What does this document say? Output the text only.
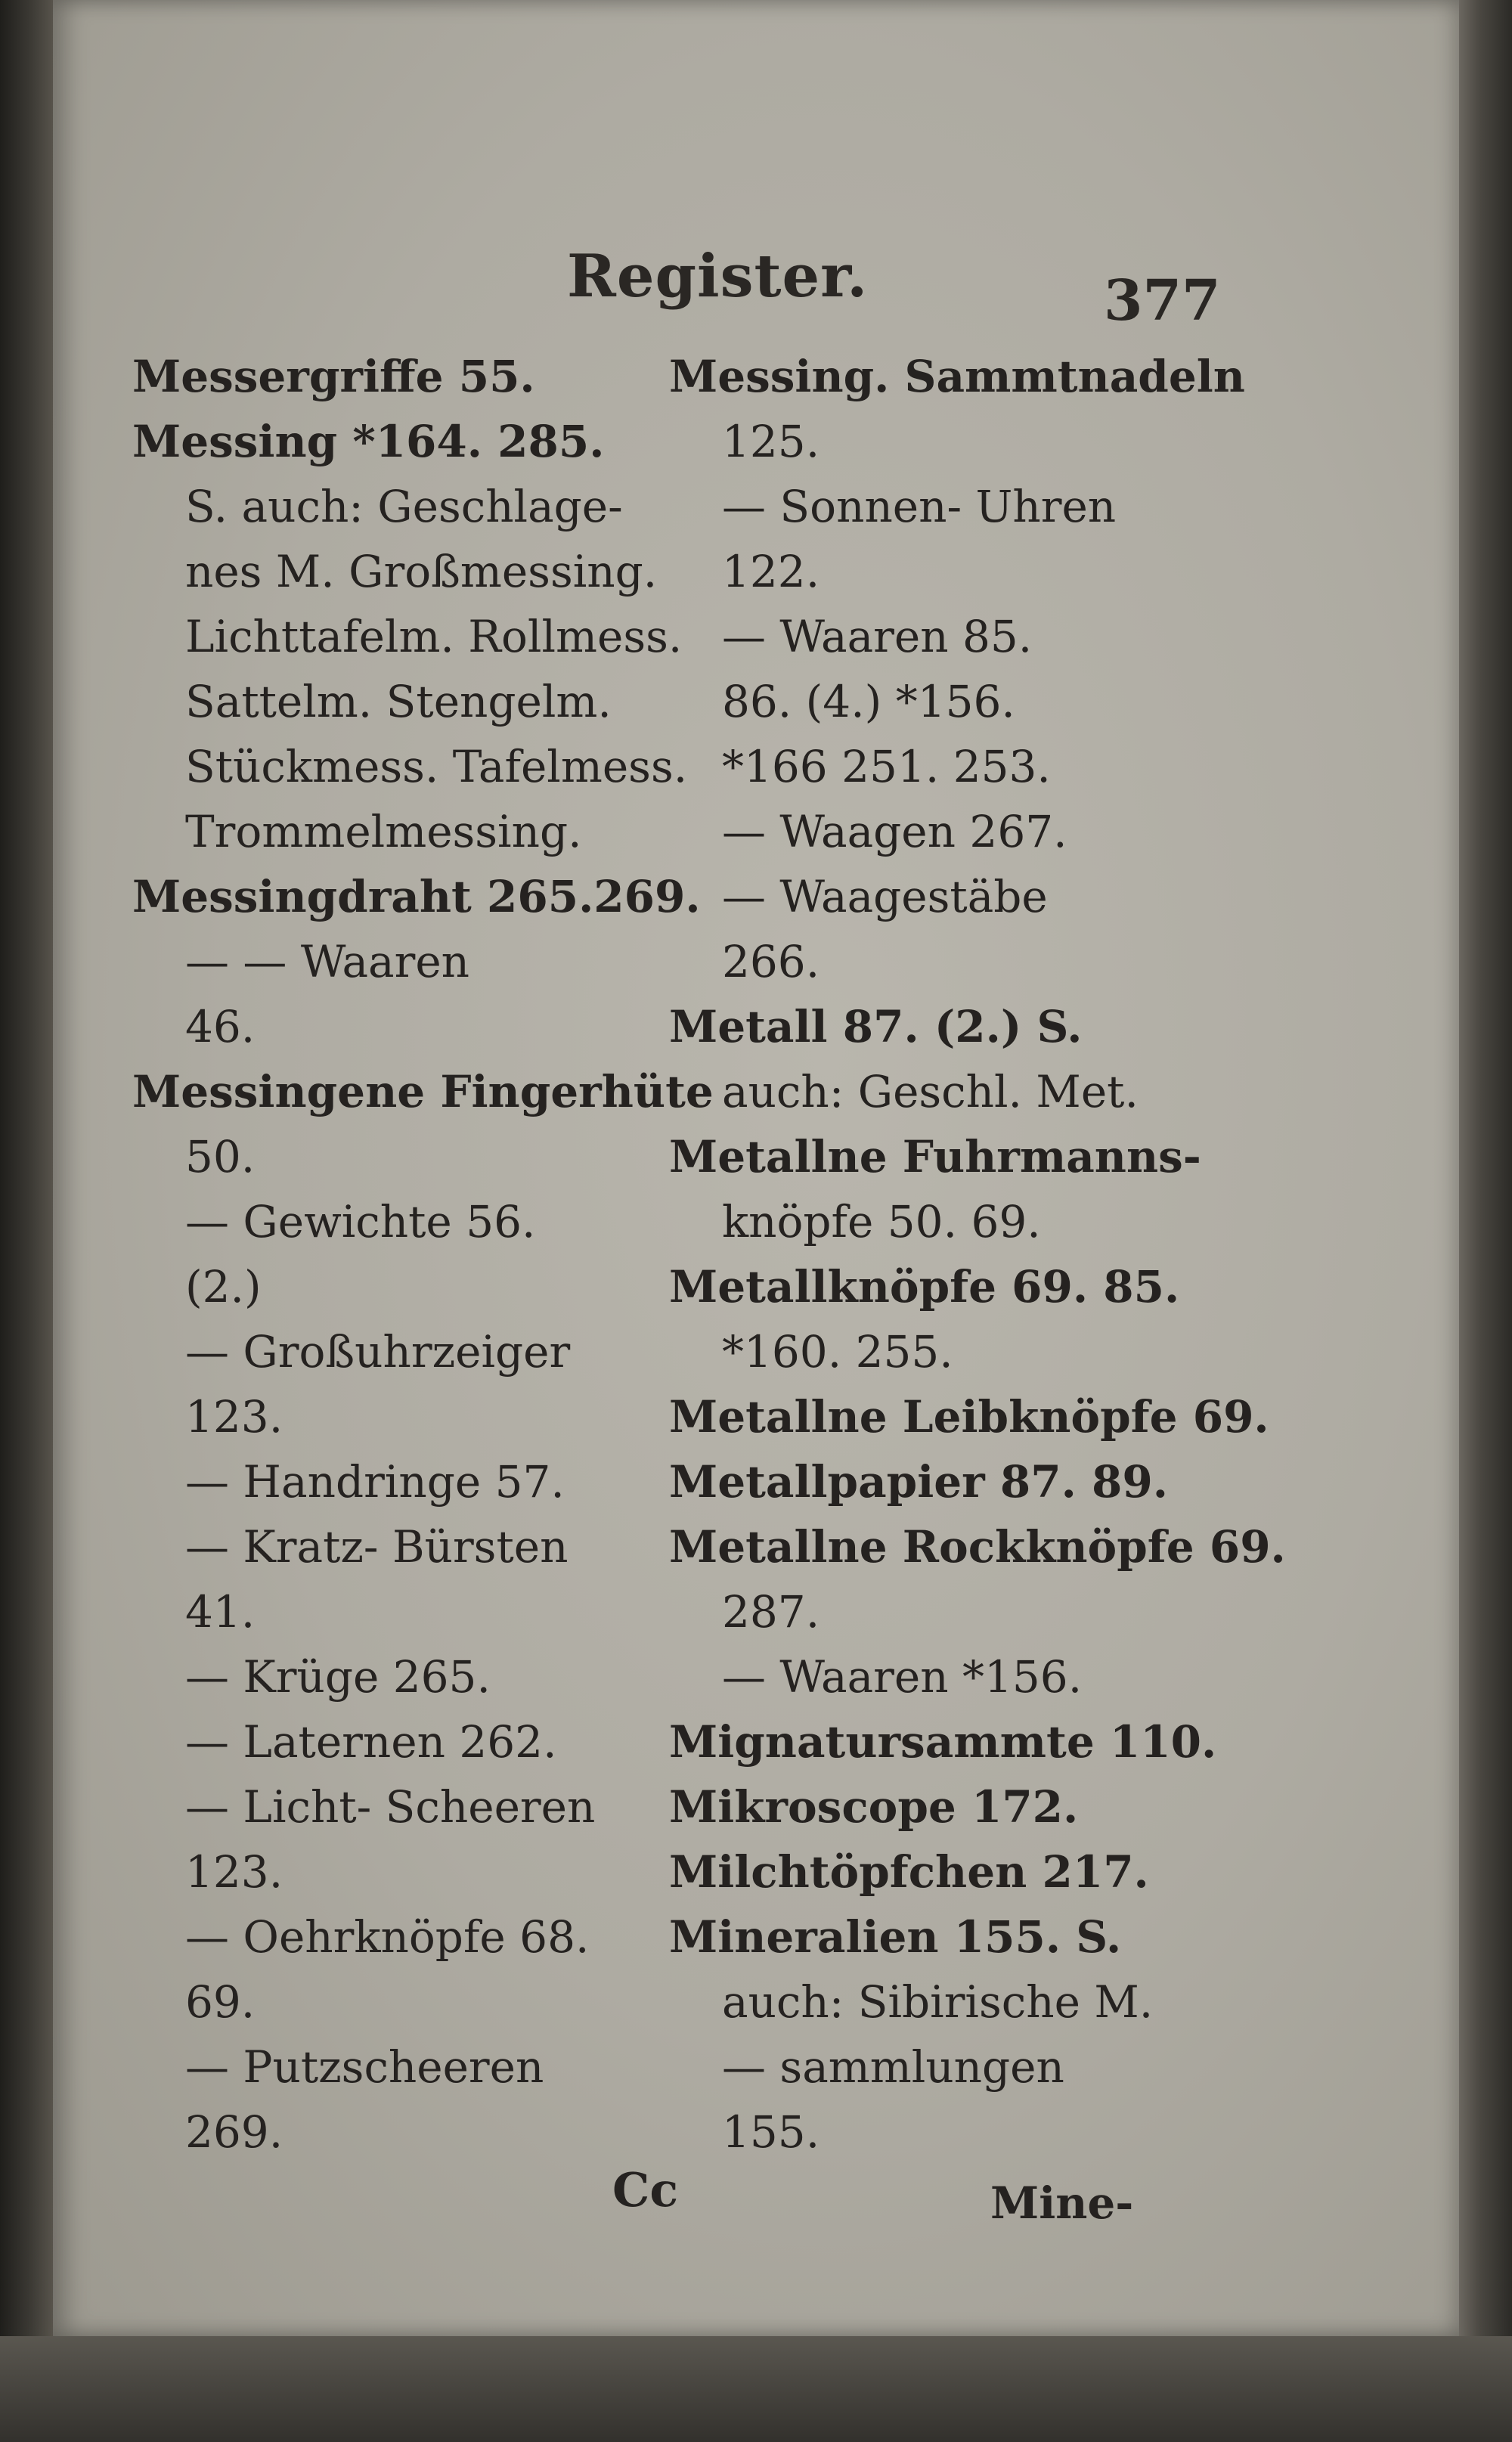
Register.	377
Messergriffe 55.
Messing *164. 285.
S. auch: Geschlage-
nes M. Großmessing.
Lichttafelm. Rollmess.
Sattelm. Stengelm.
Stückmess. Tafelmess.
Trommelmessing.
Messingdraht 265.269.
— — Waaren
46.
Messingene Fingerhüte
50.
— Gewichte 56.
(2.)
— Großuhrzeiger
123.
— Handringe 57.
— Kratz- Bürsten
41.
— Krüge 265.
— Laternen 262.
— Licht- Scheeren
123.
— Oehrknöpfe 68.
69.
— Putzscheeren
269.
Messing. Sammtnadeln
125.
— Sonnen- Uhren
122.
— Waaren 85.
86. (4.) *156.
*166 251. 253.
— Waagen 267.
— Waagestäbe
266.
Metall 87. (2.) S.
auch: Geschl. Met.
Metallne Fuhrmanns-
knöpfe 50. 69.
Metallknöpfe 69. 85.
*160. 255.
Metallne Leibknöpfe 69.
Metallpapier 87. 89.
Metallne Rockknöpfe 69.
287.
— Waaren *156.
Mignatursammte 110.
Mikroscope 172.
Milchtöpfchen 217.
Mineralien 155. S.
auch: Sibirische M.
— sammlungen
155.
Cc	Mine-
